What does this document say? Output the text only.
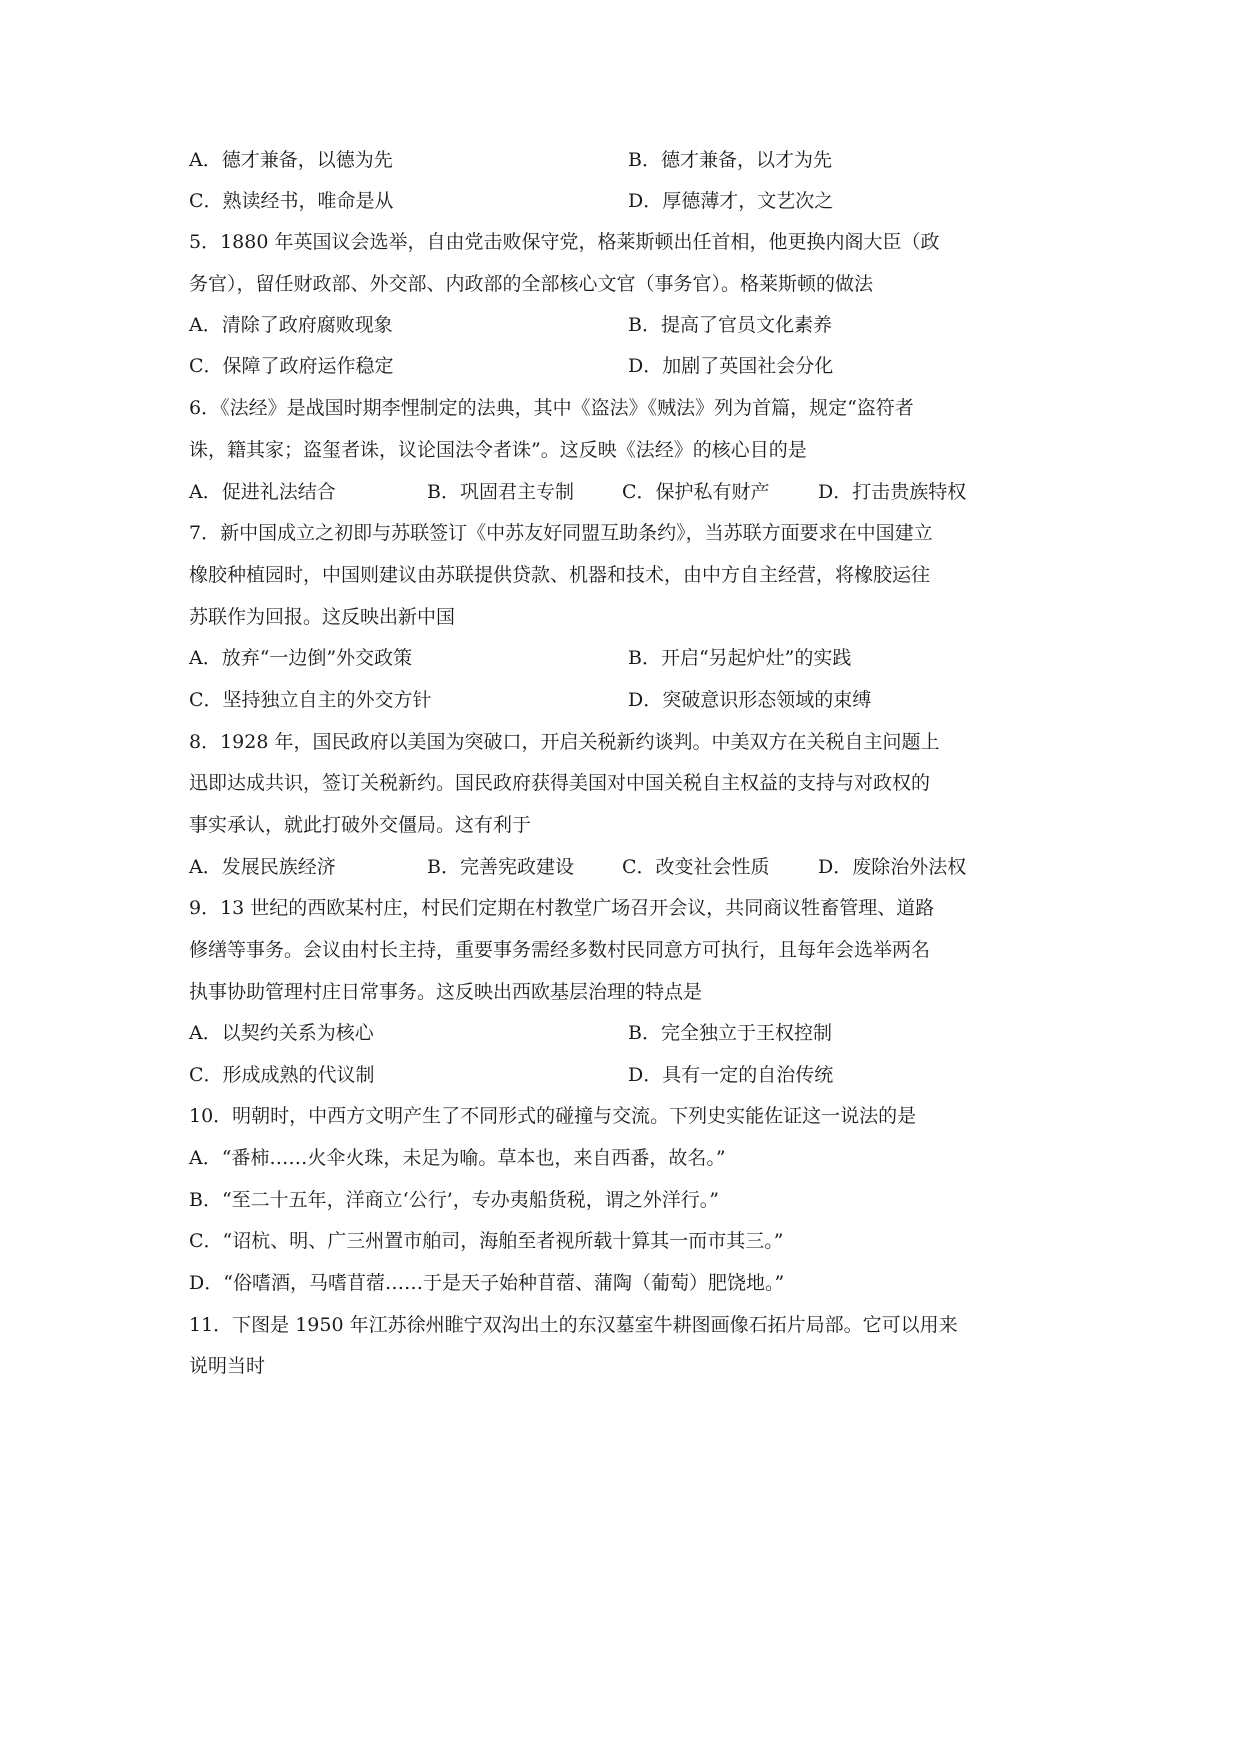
A．德才兼备，以德为先	B．德才兼备，以才为先
C．熟读经书，唯命是从	D．厚德薄才，文艺次之
5．1880 年英国议会选举，自由党击败保守党，格莱斯顿出任首相，他更换内阁大臣（政
务官），留任财政部、外交部、内政部的全部核心文官（事务官）。格莱斯顿的做法
A．清除了政府腐败现象	B．提高了官员文化素养
C．保障了政府运作稳定	D．加剧了英国社会分化
6．《法经》是战国时期李悝制定的法典，其中《盗法》《贼法》列为首篇，规定“盗符者
诛，籍其家；盗玺者诛，议论国法令者诛”。这反映《法经》的核心目的是
A．促进礼法结合	B．巩固君主专制	C．保护私有财产	D．打击贵族特权
7．新中国成立之初即与苏联签订《中苏友好同盟互助条约》，当苏联方面要求在中国建立
橡胶种植园时，中国则建议由苏联提供贷款、机器和技术，由中方自主经营，将橡胶运往
苏联作为回报。这反映出新中国
A．放弃“一边倒”外交政策	B．开启“另起炉灶”的实践
C．坚持独立自主的外交方针	D．突破意识形态领域的束缚
8．1928 年，国民政府以美国为突破口，开启关税新约谈判。中美双方在关税自主问题上
迅即达成共识，签订关税新约。国民政府获得美国对中国关税自主权益的支持与对政权的
事实承认，就此打破外交僵局。这有利于
A．发展民族经济	B．完善宪政建设	C．改变社会性质	D．废除治外法权
9．13 世纪的西欧某村庄，村民们定期在村教堂广场召开会议，共同商议牲畜管理、道路
修缮等事务。会议由村长主持，重要事务需经多数村民同意方可执行，且每年会选举两名
执事协助管理村庄日常事务。这反映出西欧基层治理的特点是
A．以契约关系为核心	B．完全独立于王权控制
C．形成成熟的代议制	D．具有一定的自治传统
10．明朝时，中西方文明产生了不同形式的碰撞与交流。下列史实能佐证这一说法的是
A．“番柿……火伞火珠，未足为喻。草本也，来自西番，故名。”
B．“至二十五年，洋商立‘公行’，专办夷船货税，谓之外洋行。”
C．“诏杭、明、广三州置市舶司，海舶至者视所载十算其一而市其三。”
D．“俗嗜酒，马嗜苜蓿……于是天子始种苜蓿、蒲陶（葡萄）肥饶地。”
11．下图是 1950 年江苏徐州睢宁双沟出土的东汉墓室牛耕图画像石拓片局部。它可以用来
说明当时
